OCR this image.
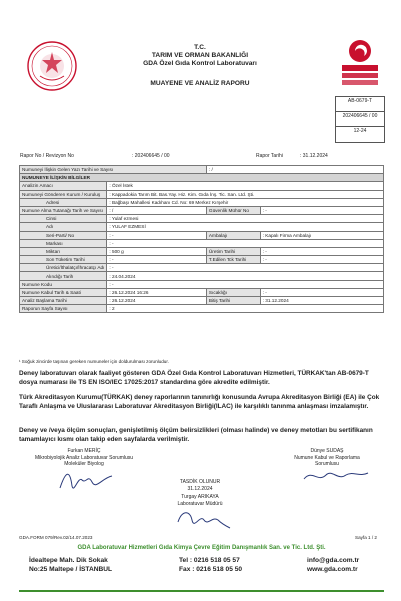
T.C.
TARIM VE ORMAN BAKANLIĞI
GDA Özel Gıda Kontrol Laboratuvarı
MUAYENE VE ANALİZ RAPORU
AB-0679-T
202406645 / 00
12-24
Rapor No / Revizyon No	: 202406645 / 00	Rapor Tarihi	: 31.12.2024
Numuneyi İlişkin Gelen Yazı Tarihi ve Sayısı		: /	
NUMUNEYE İLİŞKİN BİLGİLER			
Analizin Amacı	: Özel İstek		
Numuneyi Gönderen Kurum / Kuruluş	: Kappadokia Tarım Bit. Bas.Yay. Hiz. Kim. Gıda İnş. Tic. San. Ltd. Şti.		
Adresi	: Bağbaşı Mahallesi Kadıhanı Cd. No: 69 Merkez Kırşehir		
Numune Alma Tutanağı Tarih ve Sayısı	: /	Güvenlik Mühür No	: -
Cinsi	: Yulaf ezmesi		
Adı	: YULAF EZMESİ		
Seri-Parti/ No	: -	Ambalajı	: Kapalı Firma Ambalajı
Markası	: -		
Miktarı	: 500 g	Üretim Tarihi	: -
Son Tüketim Tarihi	: -	T.Edilen Tck Tarihi	: -
Üretici/İthalatçı/İhracatçı Adı	: -		
Alındığı Tarih	: 24.04.2024		
Numune Kodu	: -		
Numune Kabul Tarih & Saati	: 26.12.2024 16:26	Sıcaklığı	: -
Analiz Başlama Tarihi	: 26.12.2024	Bitiş Tarihi	: 31.12.2024
Raporun Sayfa Sayısı	: 2		
¹ Soğuk zincirde taşınan gereken numuneler için doldurulması zorunludur.
Deney laboratuvarı olarak faaliyet gösteren GDA Özel Gıda Kontrol Laboratuvarı Hizmetleri, TÜRKAK'tan AB-0679-T dosya numarası ile TS EN ISO/IEC 17025:2017 standardına göre akredite edilmiştir.
Türk Akreditasyon Kurumu(TÜRKAK) deney raporlarının tanınırlığı konusunda Avrupa Akreditasyon Birliği (EA) ile Çok Taraflı Anlaşma ve Uluslararası Laboratuvar Akreditasyon Birliği(ILAC) ile karşılıklı tanınma anlaşması imzalamıştır.
Deney ve /veya ölçüm sonuçları, genişletilmiş ölçüm belirsizlikleri (olması halinde) ve deney metotları bu sertifikanın tamamlayıcı kısmı olan takip eden sayfalarda verilmiştir.
Furkan MERİÇ
Mikrobiyolojik Analiz Laboratuvar Sorumlusu
Moleküler Biyolog
Dünye SUDAŞ
Numune Kabul ve Raporlama
Sorumlusu
TASDİK OLUNUR
31.12.2024
Turgay ARIKAYA
Laboratuvar Müdürü
GDA.FORM 079/Rev.02/14.07.2023	Sayfa 1 / 2
GDA Laboratuvar Hizmetleri Gıda Kimya Çevre Eğitim Danışmanlık San. ve Tic. Ltd. Şti.
İdealtepe Mah. Dik Sokak
No:25 Maltepe / İSTANBUL
Tel : 0216 518 05 57
Fax : 0216 518 05 50
info@gda.com.tr
www.gda.com.tr
